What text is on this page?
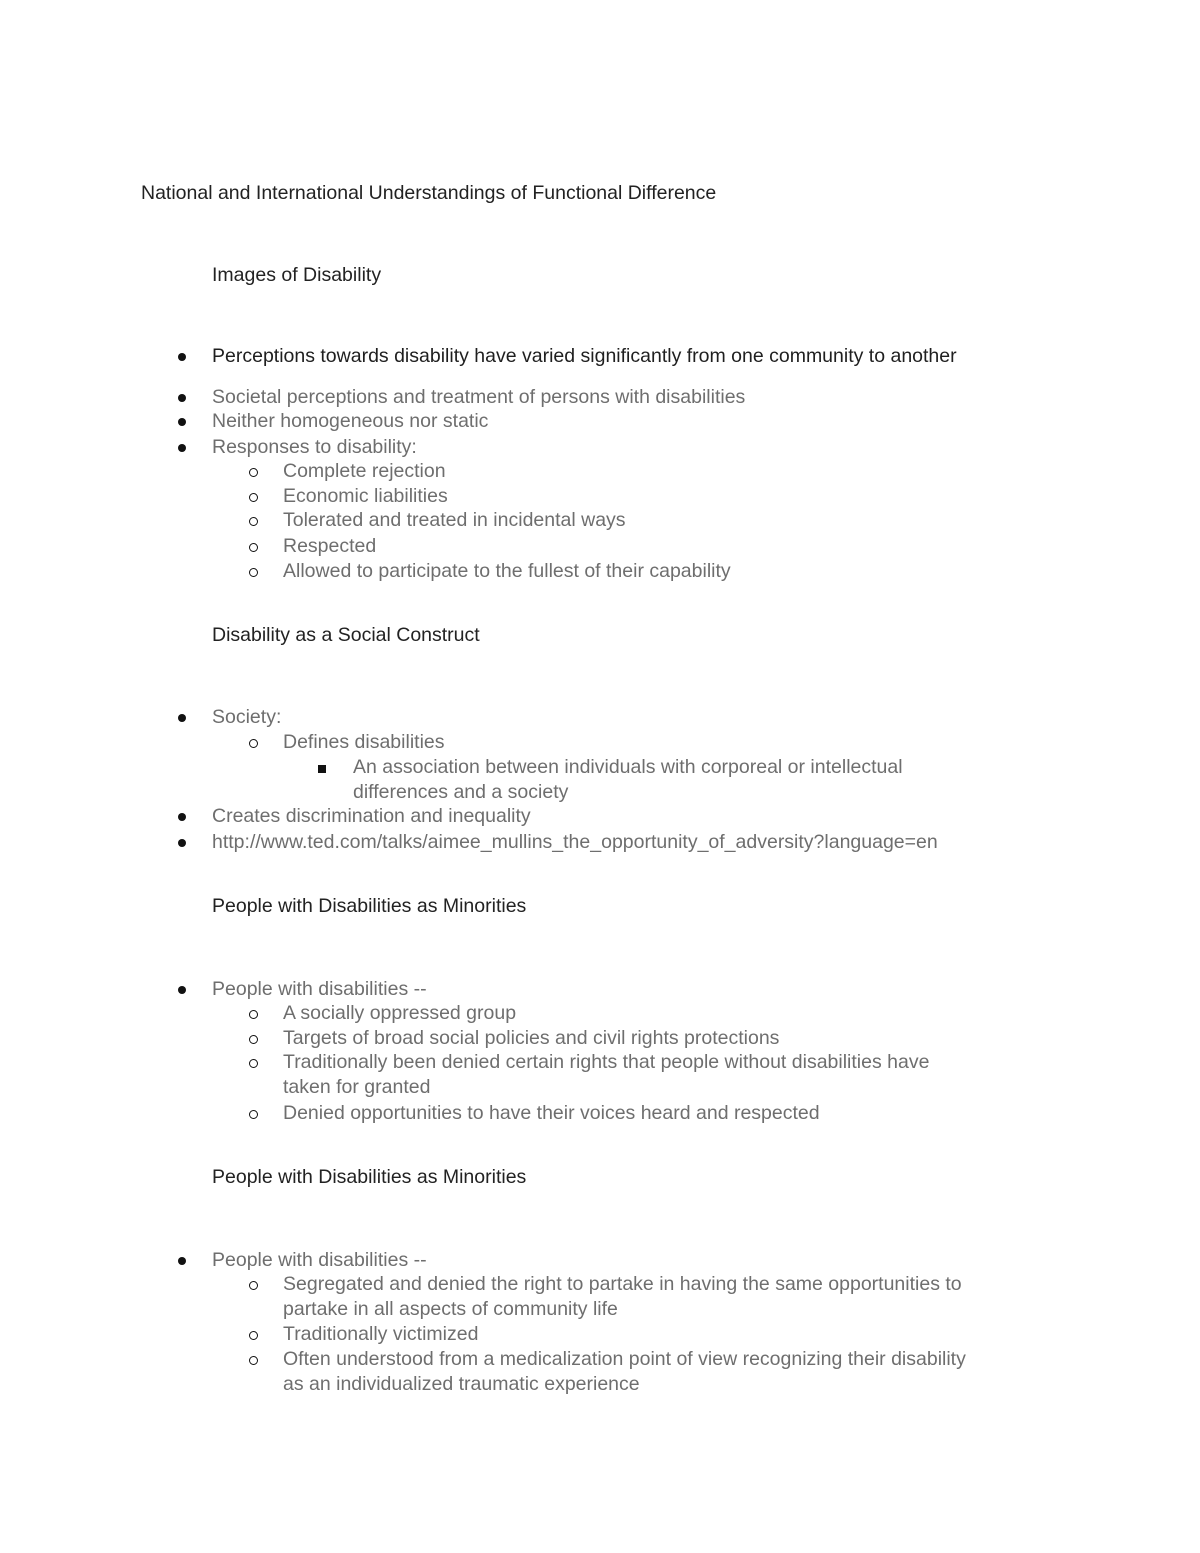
National and International Understandings of Functional Difference
Images of Disability
Perceptions towards disability have varied significantly from one community to another
Societal perceptions and treatment of persons with disabilities
Neither homogeneous nor static
Responses to disability:
Complete rejection
Economic liabilities
Tolerated and treated in incidental ways
Respected
Allowed to participate to the fullest of their capability
Disability as a Social Construct
Society:
Defines disabilities
An association between individuals with corporeal or intellectual
differences and a society
Creates discrimination and inequality
http://www.ted.com/talks/aimee_mullins_the_opportunity_of_adversity?language=en
People with Disabilities as Minorities
People with disabilities --
A socially oppressed group
Targets of broad social policies and civil rights protections
Traditionally been denied certain rights that people without disabilities have
taken for granted
Denied opportunities to have their voices heard and respected
People with Disabilities as Minorities
People with disabilities --
Segregated and denied the right to partake in having the same opportunities to
partake in all aspects of community life
Traditionally victimized
Often understood from a medicalization point of view recognizing their disability
as an individualized traumatic experience
